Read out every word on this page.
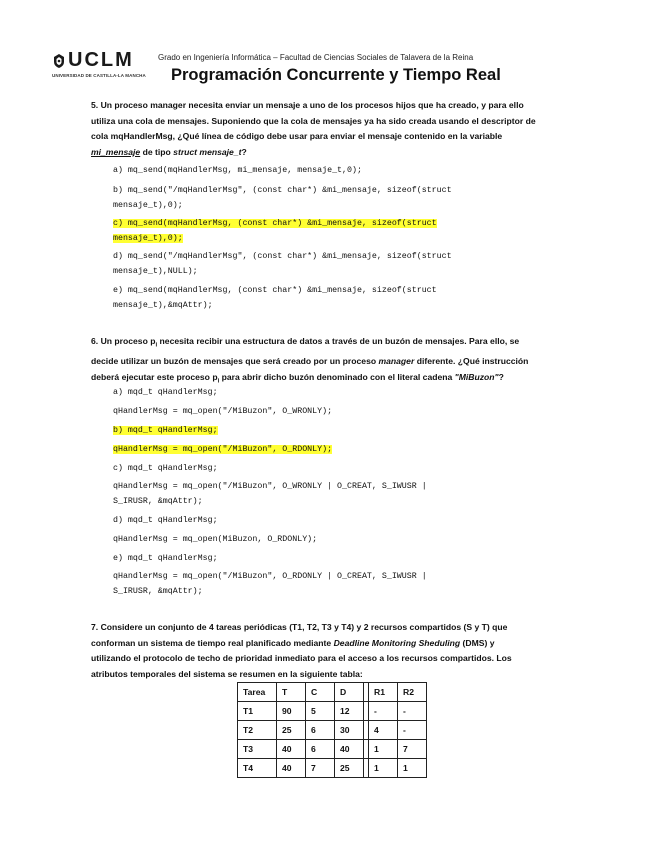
UCLM
UNIVERSIDAD DE CASTILLA-LA MANCHA
Grado en Ingeniería Informática – Facultad de Ciencias Sociales de Talavera de la Reina
Programación Concurrente y Tiempo Real
5. Un proceso manager necesita enviar un mensaje a uno de los procesos hijos que ha creado, y para ello
utiliza una cola de mensajes. Suponiendo que la cola de mensajes ya ha sido creada usando el descriptor de
cola mqHandlerMsg, ¿Qué línea de código debe usar para enviar el mensaje contenido en la variable
mi_mensaje de tipo struct mensaje_t?
a) mq_send(mqHandlerMsg, mi_mensaje, mensaje_t,0);
b) mq_send("/mqHandlerMsg", (const char*) &mi_mensaje, sizeof(struct
mensaje_t),0);
c) mq_send(mqHandlerMsg, (const char*) &mi_mensaje, sizeof(struct
mensaje_t),0);
d) mq_send("/mqHandlerMsg", (const char*) &mi_mensaje, sizeof(struct
mensaje_t),NULL);
e) mq_send(mqHandlerMsg, (const char*) &mi_mensaje, sizeof(struct
mensaje_t),&mqAttr);
6. Un proceso $p_i$ necesita recibir una estructura de datos a través de un buzón de mensajes. Para ello, se
decide utilizar un buzón de mensajes que será creado por un proceso manager diferente. ¿Qué instrucción
deberá ejecutar este proceso $p_i$ para abrir dicho buzón denominado con el literal cadena "MiBuzon"?
a) mqd_t qHandlerMsg;
qHandlerMsg = mq_open("/MiBuzon", O_WRONLY);
b) mqd_t qHandlerMsg;
qHandlerMsg = mq_open("/MiBuzon", O_RDONLY);
c) mqd_t qHandlerMsg;
qHandlerMsg = mq_open("/MiBuzon", O_WRONLY | O_CREAT, S_IWUSR |
S_IRUSR, &mqAttr);
d) mqd_t qHandlerMsg;
qHandlerMsg = mq_open(MiBuzon, O_RDONLY);
e) mqd_t qHandlerMsg;
qHandlerMsg = mq_open("/MiBuzon", O_RDONLY | O_CREAT, S_IWUSR |
S_IRUSR, &mqAttr);
7. Considere un conjunto de 4 tareas periódicas (T1, T2, T3 y T4) y 2 recursos compartidos (S y T) que
conforman un sistema de tiempo real planificado mediante Deadline Monitoring Sheduling (DMS) y
utilizando el protocolo de techo de prioridad inmediato para el acceso a los recursos compartidos. Los
atributos temporales del sistema se resumen en la siguiente tabla:
Tarea	T	C	D		R1	R2
T1	90	5	12		-	-
T2	25	6	30		4	-
T3	40	6	40		1	7
T4	40	7	25		1	1
